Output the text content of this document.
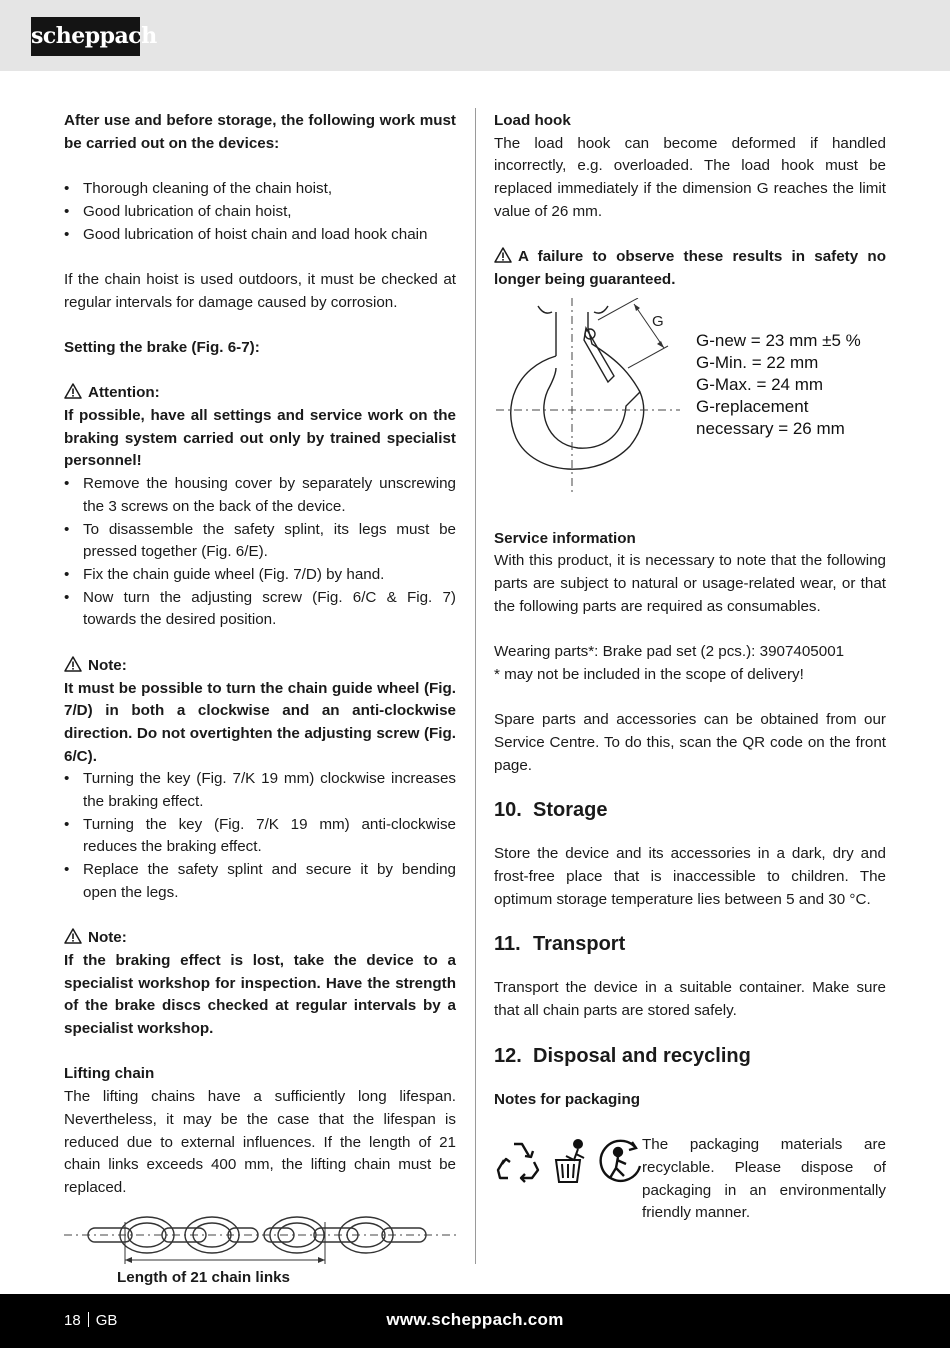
scheppach

After use and before storage, the following work must be carried out on the devices:

• Thorough cleaning of the chain hoist,
• Good lubrication of chain hoist,
• Good lubrication of hoist chain and load hook chain

If the chain hoist is used outdoors, it must be checked at regular intervals for damage caused by corrosion.

Setting the brake (Fig. 6-7):

Attention:

If possible, have all settings and service work on the braking system carried out only by trained specialist personnel!

• Remove the housing cover by separately unscrewing the 3 screws on the back of the device.
• To disassemble the safety splint, its legs must be pressed together (Fig. 6/E).
• Fix the chain guide wheel (Fig. 7/D) by hand.
• Now turn the adjusting screw (Fig. 6/C & Fig. 7) towards the desired position.

Note:

It must be possible to turn the chain guide wheel (Fig. 7/D) in both a clockwise and an anti-clockwise direction. Do not overtighten the adjusting screw (Fig. 6/C).

• Turning the key (Fig. 7/K 19 mm) clockwise increases the braking effect.
• Turning the key (Fig. 7/K 19 mm) anti-clockwise reduces the braking effect.
• Replace the safety splint and secure it by bending open the legs.

Note:

If the braking effect is lost, take the device to a specialist workshop for inspection. Have the strength of the brake discs checked at regular intervals by a specialist workshop.

Lifting chain

The lifting chains have a sufficiently long lifespan. Nevertheless, it may be the case that the lifespan is reduced due to external influences. If the length of 21 chain links exceeds 400 mm, the lifting chain must be replaced.

Length of 21 chain links

Load hook

The load hook can become deformed if handled incorrectly, e.g. overloaded. The load hook must be replaced immediately if the dimension G reaches the limit value of 26 mm.

A failure to observe these results in safety no longer being guaranteed.

G
G-new = 23 mm ±5 %
G-Min. = 22 mm
G-Max. = 24 mm
G-replacement
necessary = 26 mm

Service information

With this product, it is necessary to note that the following parts are subject to natural or usage-related wear, or that the following parts are required as consumables.

Wearing parts*: Brake pad set (2 pcs.): 3907405001

* may not be included in the scope of delivery!

Spare parts and accessories can be obtained from our Service Centre. To do this, scan the QR code on the front page.

10. Storage

Store the device and its accessories in a dark, dry and frost-free place that is inaccessible to children. The optimum storage temperature lies between 5 and 30 °C.

11. Transport

Transport the device in a suitable container. Make sure that all chain parts are stored safely.

12. Disposal and recycling

Notes for packaging

The packaging materials are recyclable. Please dispose of packaging in an environmentally friendly manner.

18 GB	www.scheppach.com
